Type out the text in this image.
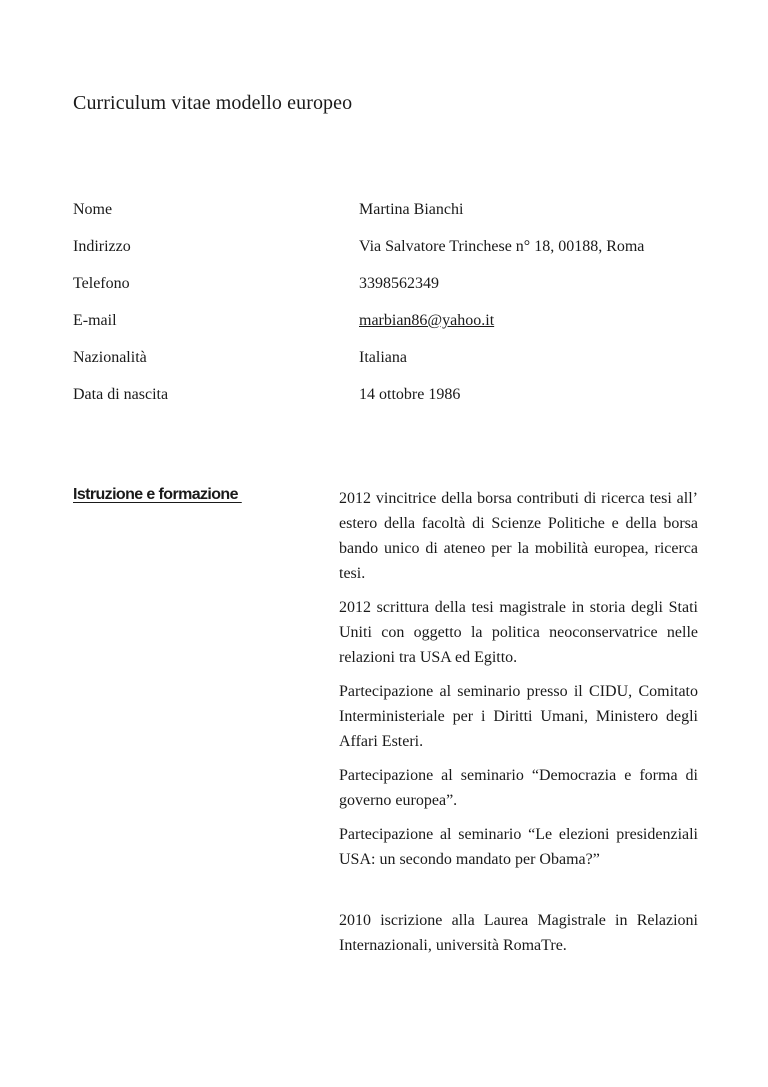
Curriculum vitae modello europeo
Nome	Martina Bianchi
Indirizzo	Via Salvatore Trinchese n° 18, 00188, Roma
Telefono	3398562349
E-mail	marbian86@yahoo.it
Nazionalità	Italiana
Data di nascita	14 ottobre 1986
Istruzione e formazione	2012 vincitrice della borsa contributi di ricerca tesi all’ estero della facoltà di Scienze Politiche e della borsa bando unico di ateneo per la mobilità europea, ricerca tesi.

2012 scrittura della tesi magistrale in storia degli Stati Uniti con oggetto la politica neoconservatrice nelle relazioni tra USA ed Egitto.

Partecipazione al seminario presso il CIDU, Comitato Interministeriale per i Diritti Umani, Ministero degli Affari Esteri.

Partecipazione al seminario “Democrazia e forma di governo europea”.

Partecipazione al seminario “Le elezioni presidenziali USA: un secondo mandato per Obama?”

2010 iscrizione alla Laurea Magistrale in Relazioni Internazionali, università RomaTre.
